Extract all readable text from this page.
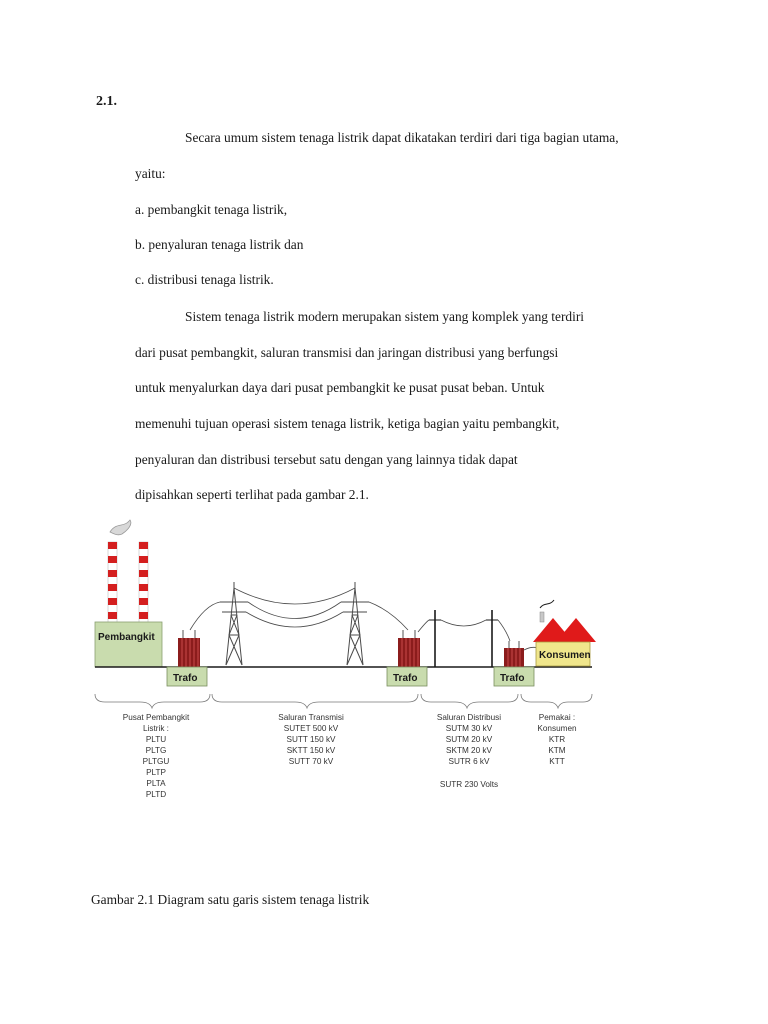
2.1.
Secara umum sistem tenaga listrik dapat dikatakan terdiri dari tiga bagian utama,
yaitu:
a. pembangkit tenaga listrik,
b. penyaluran tenaga listrik dan
c. distribusi tenaga listrik.
Sistem tenaga listrik modern merupakan sistem yang komplek yang terdiri
dari pusat pembangkit, saluran transmisi dan jaringan distribusi yang berfungsi
untuk menyalurkan daya dari pusat pembangkit ke pusat pusat beban. Untuk
memenuhi tujuan operasi sistem tenaga listrik, ketiga bagian yaitu pembangkit,
penyaluran dan distribusi tersebut satu dengan yang lainnya tidak dapat
dipisahkan seperti terlihat pada gambar 2.1.
Pembangkit
Trafo	Trafo	Trafo
Konsumen
Pusat Pembangkit
Listrik :
PLTU
PLTG
PLTGU
PLTP
PLTA
PLTD
Saluran Transmisi
SUTET 500 kV
SUTT 150 kV
SKTT 150 kV
SUTT 70 kV
Saluran Distribusi
SUTM 30 kV
SUTM 20 kV
SKTM 20 kV
SUTR 6 kV
SUTR 230 Volts
Pemakai :
Konsumen
KTR
KTM
KTT
Gambar 2.1 Diagram satu garis sistem tenaga listrik
